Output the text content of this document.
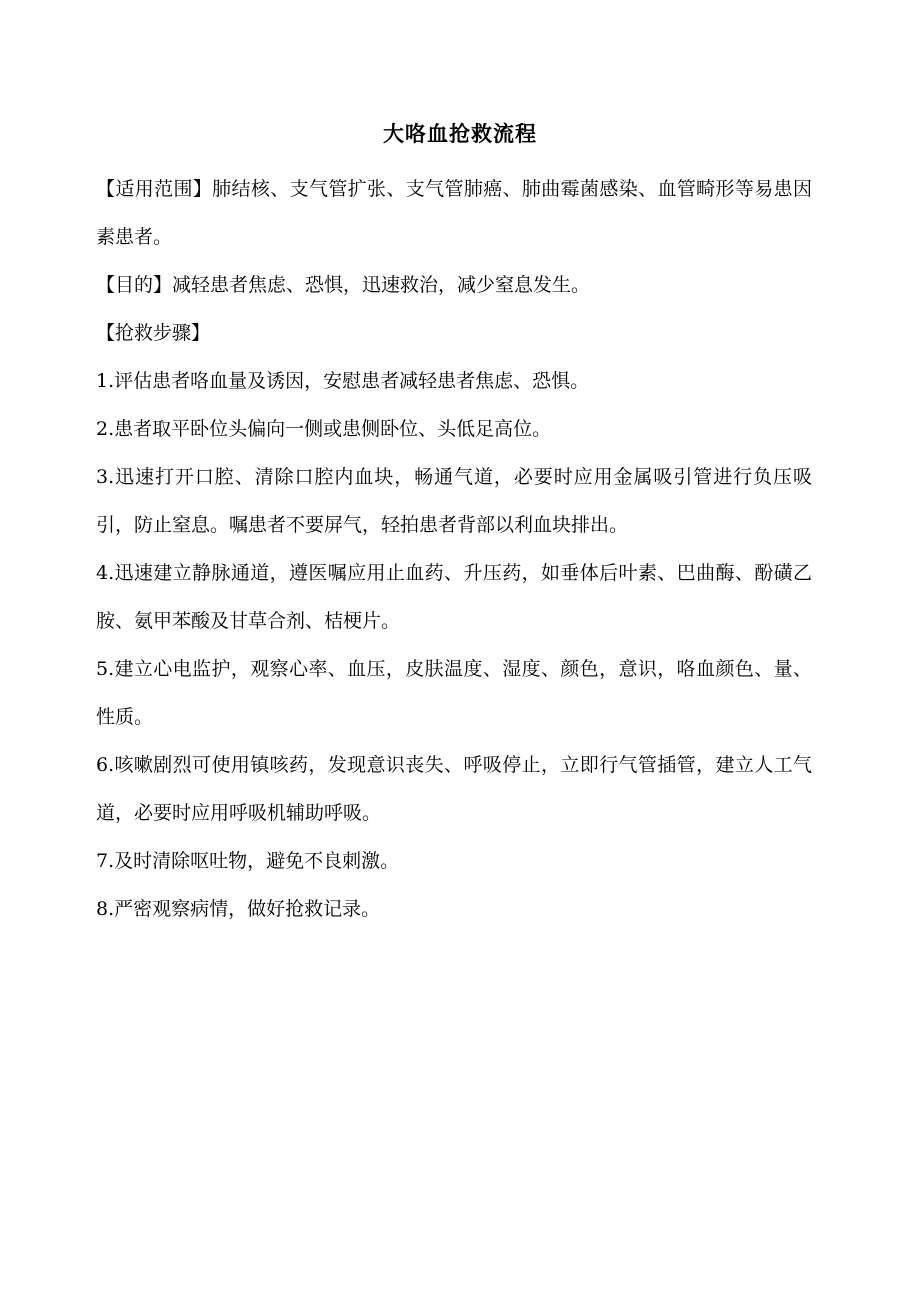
大咯血抢救流程

【适用范围】肺结核、支气管扩张、支气管肺癌、肺曲霉菌感染、血管畸形等易患因素患者。

【目的】减轻患者焦虑、恐惧，迅速救治，减少窒息发生。

【抢救步骤】

1.评估患者咯血量及诱因，安慰患者减轻患者焦虑、恐惧。

2.患者取平卧位头偏向一侧或患侧卧位、头低足高位。

3.迅速打开口腔、清除口腔内血块，畅通气道，必要时应用金属吸引管进行负压吸引，防止窒息。嘱患者不要屏气，轻拍患者背部以利血块排出。

4.迅速建立静脉通道，遵医嘱应用止血药、升压药，如垂体后叶素、巴曲酶、酚磺乙胺、氨甲苯酸及甘草合剂、桔梗片。

5.建立心电监护，观察心率、血压，皮肤温度、湿度、颜色，意识，咯血颜色、量、性质。

6.咳嗽剧烈可使用镇咳药，发现意识丧失、呼吸停止，立即行气管插管，建立人工气道，必要时应用呼吸机辅助呼吸。

7.及时清除呕吐物，避免不良刺激。

8.严密观察病情，做好抢救记录。
